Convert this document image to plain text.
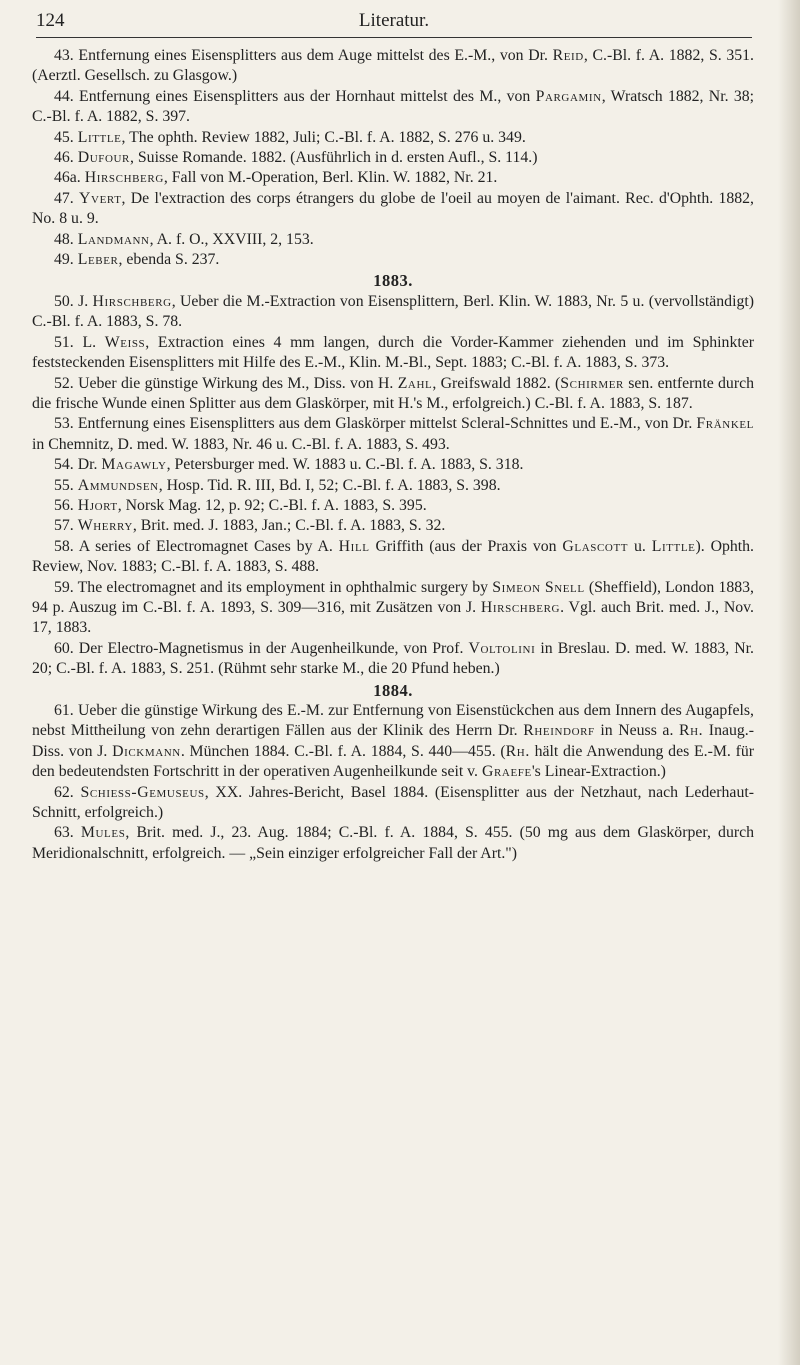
124	Literatur.

43. Entfernung eines Eisensplitters aus dem Auge mittelst des E.-M., von Dr. Reid, C.-Bl. f. A. 1882, S. 351. (Aerztl. Gesellsch. zu Glasgow.)

44. Entfernung eines Eisensplitters aus der Hornhaut mittelst des M., von Pargamin, Wratsch 1882, Nr. 38; C.-Bl. f. A. 1882, S. 397.

45. Little, The ophth. Review 1882, Juli; C.-Bl. f. A. 1882, S. 276 u. 349.

46. Dufour, Suisse Romande. 1882. (Ausführlich in d. ersten Aufl., S. 114.)

46a. Hirschberg, Fall von M.-Operation, Berl. Klin. W. 1882, Nr. 21.

47. Yvert, De l'extraction des corps étrangers du globe de l'oeil au moyen de l'aimant. Rec. d'Ophth. 1882, No. 8 u. 9.

48. Landmann, A. f. O., XXVIII, 2, 153.

49. Leber, ebenda S. 237.

1883.

50. J. Hirschberg, Ueber die M.-Extraction von Eisensplittern, Berl. Klin. W. 1883, Nr. 5 u. (vervollständigt) C.-Bl. f. A. 1883, S. 78.

51. L. Weiss, Extraction eines 4 mm langen, durch die Vorder-Kammer ziehenden und im Sphinkter feststeckenden Eisensplitters mit Hilfe des E.-M., Klin. M.-Bl., Sept. 1883; C.-Bl. f. A. 1883, S. 373.

52. Ueber die günstige Wirkung des M., Diss. von H. Zahl, Greifswald 1882. (Schirmer sen. entfernte durch die frische Wunde einen Splitter aus dem Glaskörper, mit H.'s M., erfolgreich.) C.-Bl. f. A. 1883, S. 187.

53. Entfernung eines Eisensplitters aus dem Glaskörper mittelst Scleral-Schnittes und E.-M., von Dr. Fränkel in Chemnitz, D. med. W. 1883, Nr. 46 u. C.-Bl. f. A. 1883, S. 493.

54. Dr. Magawly, Petersburger med. W. 1883 u. C.-Bl. f. A. 1883, S. 318.

55. Ammundsen, Hosp. Tid. R. III, Bd. I, 52; C.-Bl. f. A. 1883, S. 398.

56. Hjort, Norsk Mag. 12, p. 92; C.-Bl. f. A. 1883, S. 395.

57. Wherry, Brit. med. J. 1883, Jan.; C.-Bl. f. A. 1883, S. 32.

58. A series of Electromagnet Cases by A. Hill Griffith (aus der Praxis von Glascott u. Little). Ophth. Review, Nov. 1883; C.-Bl. f. A. 1883, S. 488.

59. The electromagnet and its employment in ophthalmic surgery by Simeon Snell (Sheffield), London 1883, 94 p. Auszug im C.-Bl. f. A. 1893, S. 309—316, mit Zusätzen von J. Hirschberg. Vgl. auch Brit. med. J., Nov. 17, 1883.

60. Der Electro-Magnetismus in der Augenheilkunde, von Prof. Voltolini in Breslau. D. med. W. 1883, Nr. 20; C.-Bl. f. A. 1883, S. 251. (Rühmt sehr starke M., die 20 Pfund heben.)

1884.

61. Ueber die günstige Wirkung des E.-M. zur Entfernung von Eisenstückchen aus dem Innern des Augapfels, nebst Mittheilung von zehn derartigen Fällen aus der Klinik des Herrn Dr. Rheindorf in Neuss a. Rh. Inaug.-Diss. von J. Dickmann. München 1884. C.-Bl. f. A. 1884, S. 440—455. (Rh. hält die Anwendung des E.-M. für den bedeutendsten Fortschritt in der operativen Augenheilkunde seit v. Graefe's Linear-Extraction.)

62. Schiess-Gemuseus, XX. Jahres-Bericht, Basel 1884. (Eisensplitter aus der Netzhaut, nach Lederhaut-Schnitt, erfolgreich.)

63. Mules, Brit. med. J., 23. Aug. 1884; C.-Bl. f. A. 1884, S. 455. (50 mg aus dem Glaskörper, durch Meridionalschnitt, erfolgreich. — „Sein einziger erfolgreicher Fall der Art.")
